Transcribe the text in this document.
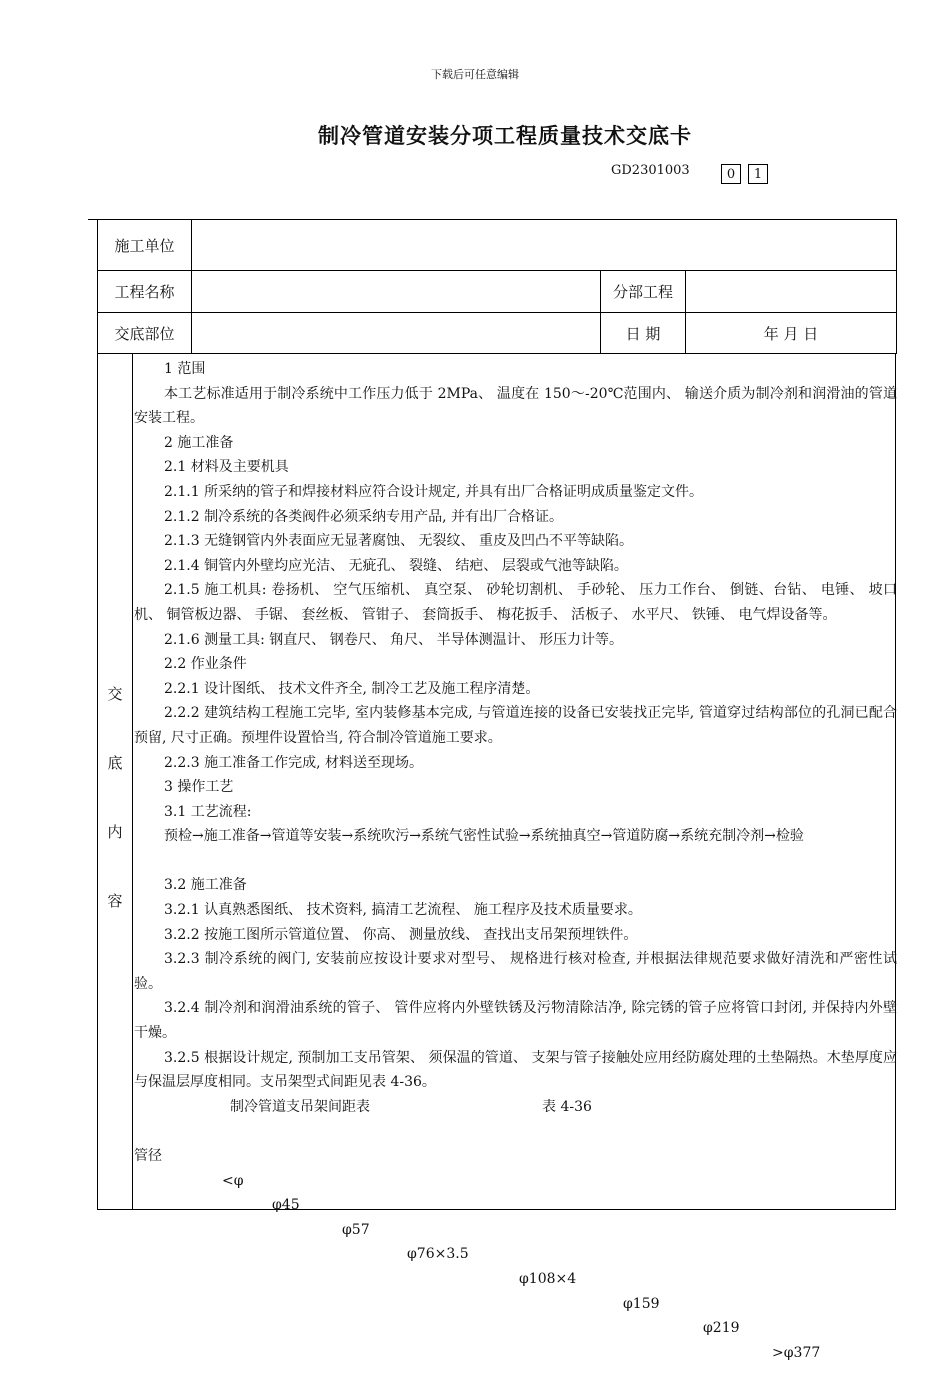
下载后可任意编辑
制冷管道安装分项工程质量技术交底卡
GD2301003	0	1
施工单位			
工程名称		分部工程	
交底部位		日 期	年 月 日
交
底
内
容

1 范围

本工艺标准适用于制冷系统中工作压力低于 2MPa、 温度在 150～-20℃范围内、 输送介质为制冷剂和润滑油的管道安装工程。

2 施工准备

2.1 材料及主要机具

2.1.1 所采纳的管子和焊接材料应符合设计规定, 并具有出厂合格证明成质量鉴定文件。

2.1.2 制冷系统的各类阀件必须采纳专用产品, 并有出厂合格证。

2.1.3 无缝钢管内外表面应无显著腐蚀、 无裂纹、 重皮及凹凸不平等缺陷。

2.1.4 铜管内外壁均应光洁、 无疵孔、 裂缝、 结疤、 层裂或气池等缺陷。

2.1.5 施工机具: 卷扬机、 空气压缩机、 真空泵、 砂轮切割机、 手砂轮、 压力工作台、 倒链、台钻、 电锤、 坡口机、 铜管板边器、 手锯、 套丝板、 管钳子、 套筒扳手、 梅花扳手、 活板子、 水平尺、 铁锤、 电气焊设备等。

2.1.6 测量工具: 钢直尺、 钢卷尺、 角尺、 半导体测温计、 形压力计等。

2.2 作业条件

2.2.1 设计图纸、 技术文件齐全, 制冷工艺及施工程序清楚。

2.2.2 建筑结构工程施工完毕, 室内装修基本完成, 与管道连接的设备已安装找正完毕, 管道穿过结构部位的孔洞已配合预留, 尺寸正确。预埋件设置恰当, 符合制冷管道施工要求。

2.2.3 施工准备工作完成, 材料送至现场。

3 操作工艺

3.1 工艺流程:

预检→施工准备→管道等安装→系统吹污→系统气密性试验→系统抽真空→管道防腐→系统充制冷剂→检验

3.2 施工准备

3.2.1 认真熟悉图纸、 技术资料, 搞清工艺流程、 施工程序及技术质量要求。

3.2.2 按施工图所示管道位置、 你高、 测量放线、 查找出支吊架预埋铁件。

3.2.3 制冷系统的阀门, 安装前应按设计要求对型号、 规格进行核对检查, 并根据法律规范要求做好清洗和严密性试验。

3.2.4 制冷剂和润滑油系统的管子、 管件应将内外壁铁锈及污物清除洁净, 除完锈的管子应将管口封闭, 并保持内外壁干燥。

3.2.5 根据设计规定, 预制加工支吊管架、 须保温的管道、 支架与管子接触处应用经防腐处理的土垫隔热。木垫厚度应与保温层厚度相同。支吊架型式间距见表 4-36。

制冷管道支吊架间距表	表 4-36

管径

<φ

φ45

φ57

φ76×3.5

φ108×4

φ159

φ219

>φ377
